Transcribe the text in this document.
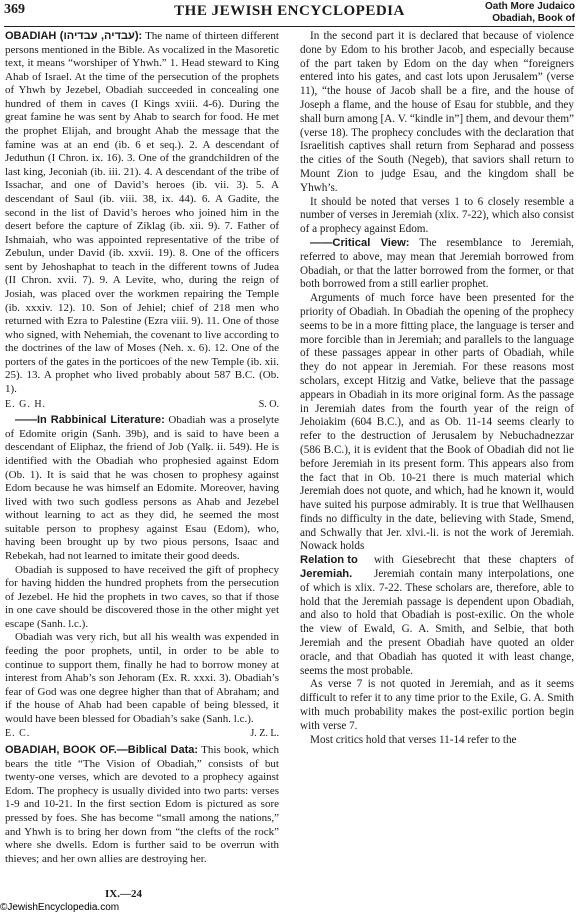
369	THE JEWISH ENCYCLOPEDIA	Oath More Judaico
Obadiah, Book of

OBADIAH (עבדיה, עבדיהו): The name of thirteen different persons mentioned in the Bible. As vocalized in the Masoretic text, it means “worshiper of Yhwh.” 1. Head steward to King Ahab of Israel. At the time of the persecution of the prophets of Yhwh by Jezebel, Obadiah succeeded in concealing one hundred of them in caves (I Kings xviii. 4-6). During the great famine he was sent by Ahab to search for food. He met the prophet Elijah, and brought Ahab the message that the famine was at an end (ib. 6 et seq.). 2. A descendant of Jeduthun (I Chron. ix. 16). 3. One of the grandchildren of the last king, Jeconiah (ib. iii. 21). 4. A descendant of the tribe of Issachar, and one of David’s heroes (ib. vii. 3). 5. A descendant of Saul (ib. viii. 38, ix. 44). 6. A Gadite, the second in the list of David’s heroes who joined him in the desert before the capture of Ziklag (ib. xii. 9). 7. Father of Ishmaiah, who was appointed representative of the tribe of Zebulun, under David (ib. xxvii. 19). 8. One of the officers sent by Jehoshaphat to teach in the different towns of Judea (II Chron. xvii. 7). 9. A Levite, who, during the reign of Josiah, was placed over the workmen repairing the Temple (ib. xxxiv. 12). 10. Son of Jehiel; chief of 218 men who returned with Ezra to Palestine (Ezra viii. 9). 11. One of those who signed, with Nehemiah, the covenant to live according to the doctrines of the law of Moses (Neh. x. 6). 12. One of the porters of the gates in the porticoes of the new Temple (ib. xii. 25). 13. A prophet who lived probably about 587 B.C. (Ob. 1).

E. G. H.	S. O.

——In Rabbinical Literature: Obadiah was a proselyte of Edomite origin (Sanh. 39b), and is said to have been a descendant of Eliphaz, the friend of Job (Yalḳ. ii. 549). He is identified with the Obadiah who prophesied against Edom (Ob. 1). It is said that he was chosen to prophesy against Edom because he was himself an Edomite. Moreover, having lived with two such godless persons as Ahab and Jezebel without learning to act as they did, he seemed the most suitable person to prophesy against Esau (Edom), who, having been brought up by two pious persons, Isaac and Rebekah, had not learned to imitate their good deeds.

Obadiah is supposed to have received the gift of prophecy for having hidden the hundred prophets from the persecution of Jezebel. He hid the prophets in two caves, so that if those in one cave should be discovered those in the other might yet escape (Sanh. l.c.).

Obadiah was very rich, but all his wealth was expended in feeding the poor prophets, until, in order to be able to continue to support them, finally he had to borrow money at interest from Ahab’s son Jehoram (Ex. R. xxxi. 3). Obadiah’s fear of God was one degree higher than that of Abraham; and if the house of Ahab had been capable of being blessed, it would have been blessed for Obadiah’s sake (Sanh. l.c.).

E. C.	J. Z. L.

OBADIAH, BOOK OF.—Biblical Data: This book, which bears the title “The Vision of Obadiah,” consists of but twenty-one verses, which are devoted to a prophecy against Edom. The prophecy is usually divided into two parts: verses 1-9 and 10-21. In the first section Edom is pictured as sore pressed by foes. She has become “small among the nations,” and Yhwh is to bring her down from “the clefts of the rock” where she dwells. Edom is further said to be overrun with thieves; and her own allies are destroying her.

In the second part it is declared that because of violence done by Edom to his brother Jacob, and especially because of the part taken by Edom on the day when “foreigners entered into his gates, and cast lots upon Jerusalem” (verse 11), “the house of Jacob shall be a fire, and the house of Joseph a flame, and the house of Esau for stubble, and they shall burn among [A. V. “kindle in”] them, and devour them” (verse 18). The prophecy concludes with the declaration that Israelitish captives shall return from Sepharad and possess the cities of the South (Negeb), that saviors shall return to Mount Zion to judge Esau, and the kingdom shall be Yhwh’s.

It should be noted that verses 1 to 6 closely resemble a number of verses in Jeremiah (xlix. 7-22), which also consist of a prophecy against Edom.

——Critical View: The resemblance to Jeremiah, referred to above, may mean that Jeremiah borrowed from Obadiah, or that the latter borrowed from the former, or that both borrowed from a still earlier prophet.

Arguments of much force have been presented for the priority of Obadiah. In Obadiah the opening of the prophecy seems to be in a more fitting place, the language is terser and more forcible than in Jeremiah; and parallels to the language of these passages appear in other parts of Obadiah, while they do not appear in Jeremiah. For these reasons most scholars, except Hitzig and Vatke, believe that the passage appears in Obadiah in its more original form. As the passage in Jeremiah dates from the fourth year of the reign of Jehoiakim (604 B.C.), and as Ob. 11-14 seems clearly to refer to the destruction of Jerusalem by Nebuchadnezzar (586 B.C.), it is evident that the Book of Obadiah did not lie before Jeremiah in its present form. This appears also from the fact that in Ob. 10-21 there is much material which Jeremiah does not quote, and which, had he known it, would have suited his purpose admirably. It is true that Wellhausen finds no difficulty in the date, believing with Stade, Smend, and Schwally that Jer. xlvi.-li. is not the work of Jeremiah. Nowack holds

Relation to Jeremiah.
with Giesebrecht that these chapters of Jeremiah contain many interpolations, one of which is xlix. 7-22. These scholars are, therefore, able to hold that the Jeremiah passage is dependent upon Obadiah, and also to hold that Obadiah is post-exilic. On the whole the view of Ewald, G. A. Smith, and Selbie, that both Jeremiah and the present Obadiah have quoted an older oracle, and that Obadiah has quoted it with least change, seems the most probable.

As verse 7 is not quoted in Jeremiah, and as it seems difficult to refer it to any time prior to the Exile, G. A. Smith with much probability makes the post-exilic portion begin with verse 7.

Most critics hold that verses 11-14 refer to the

IX.—24
©JewishEncyclopedia.com
